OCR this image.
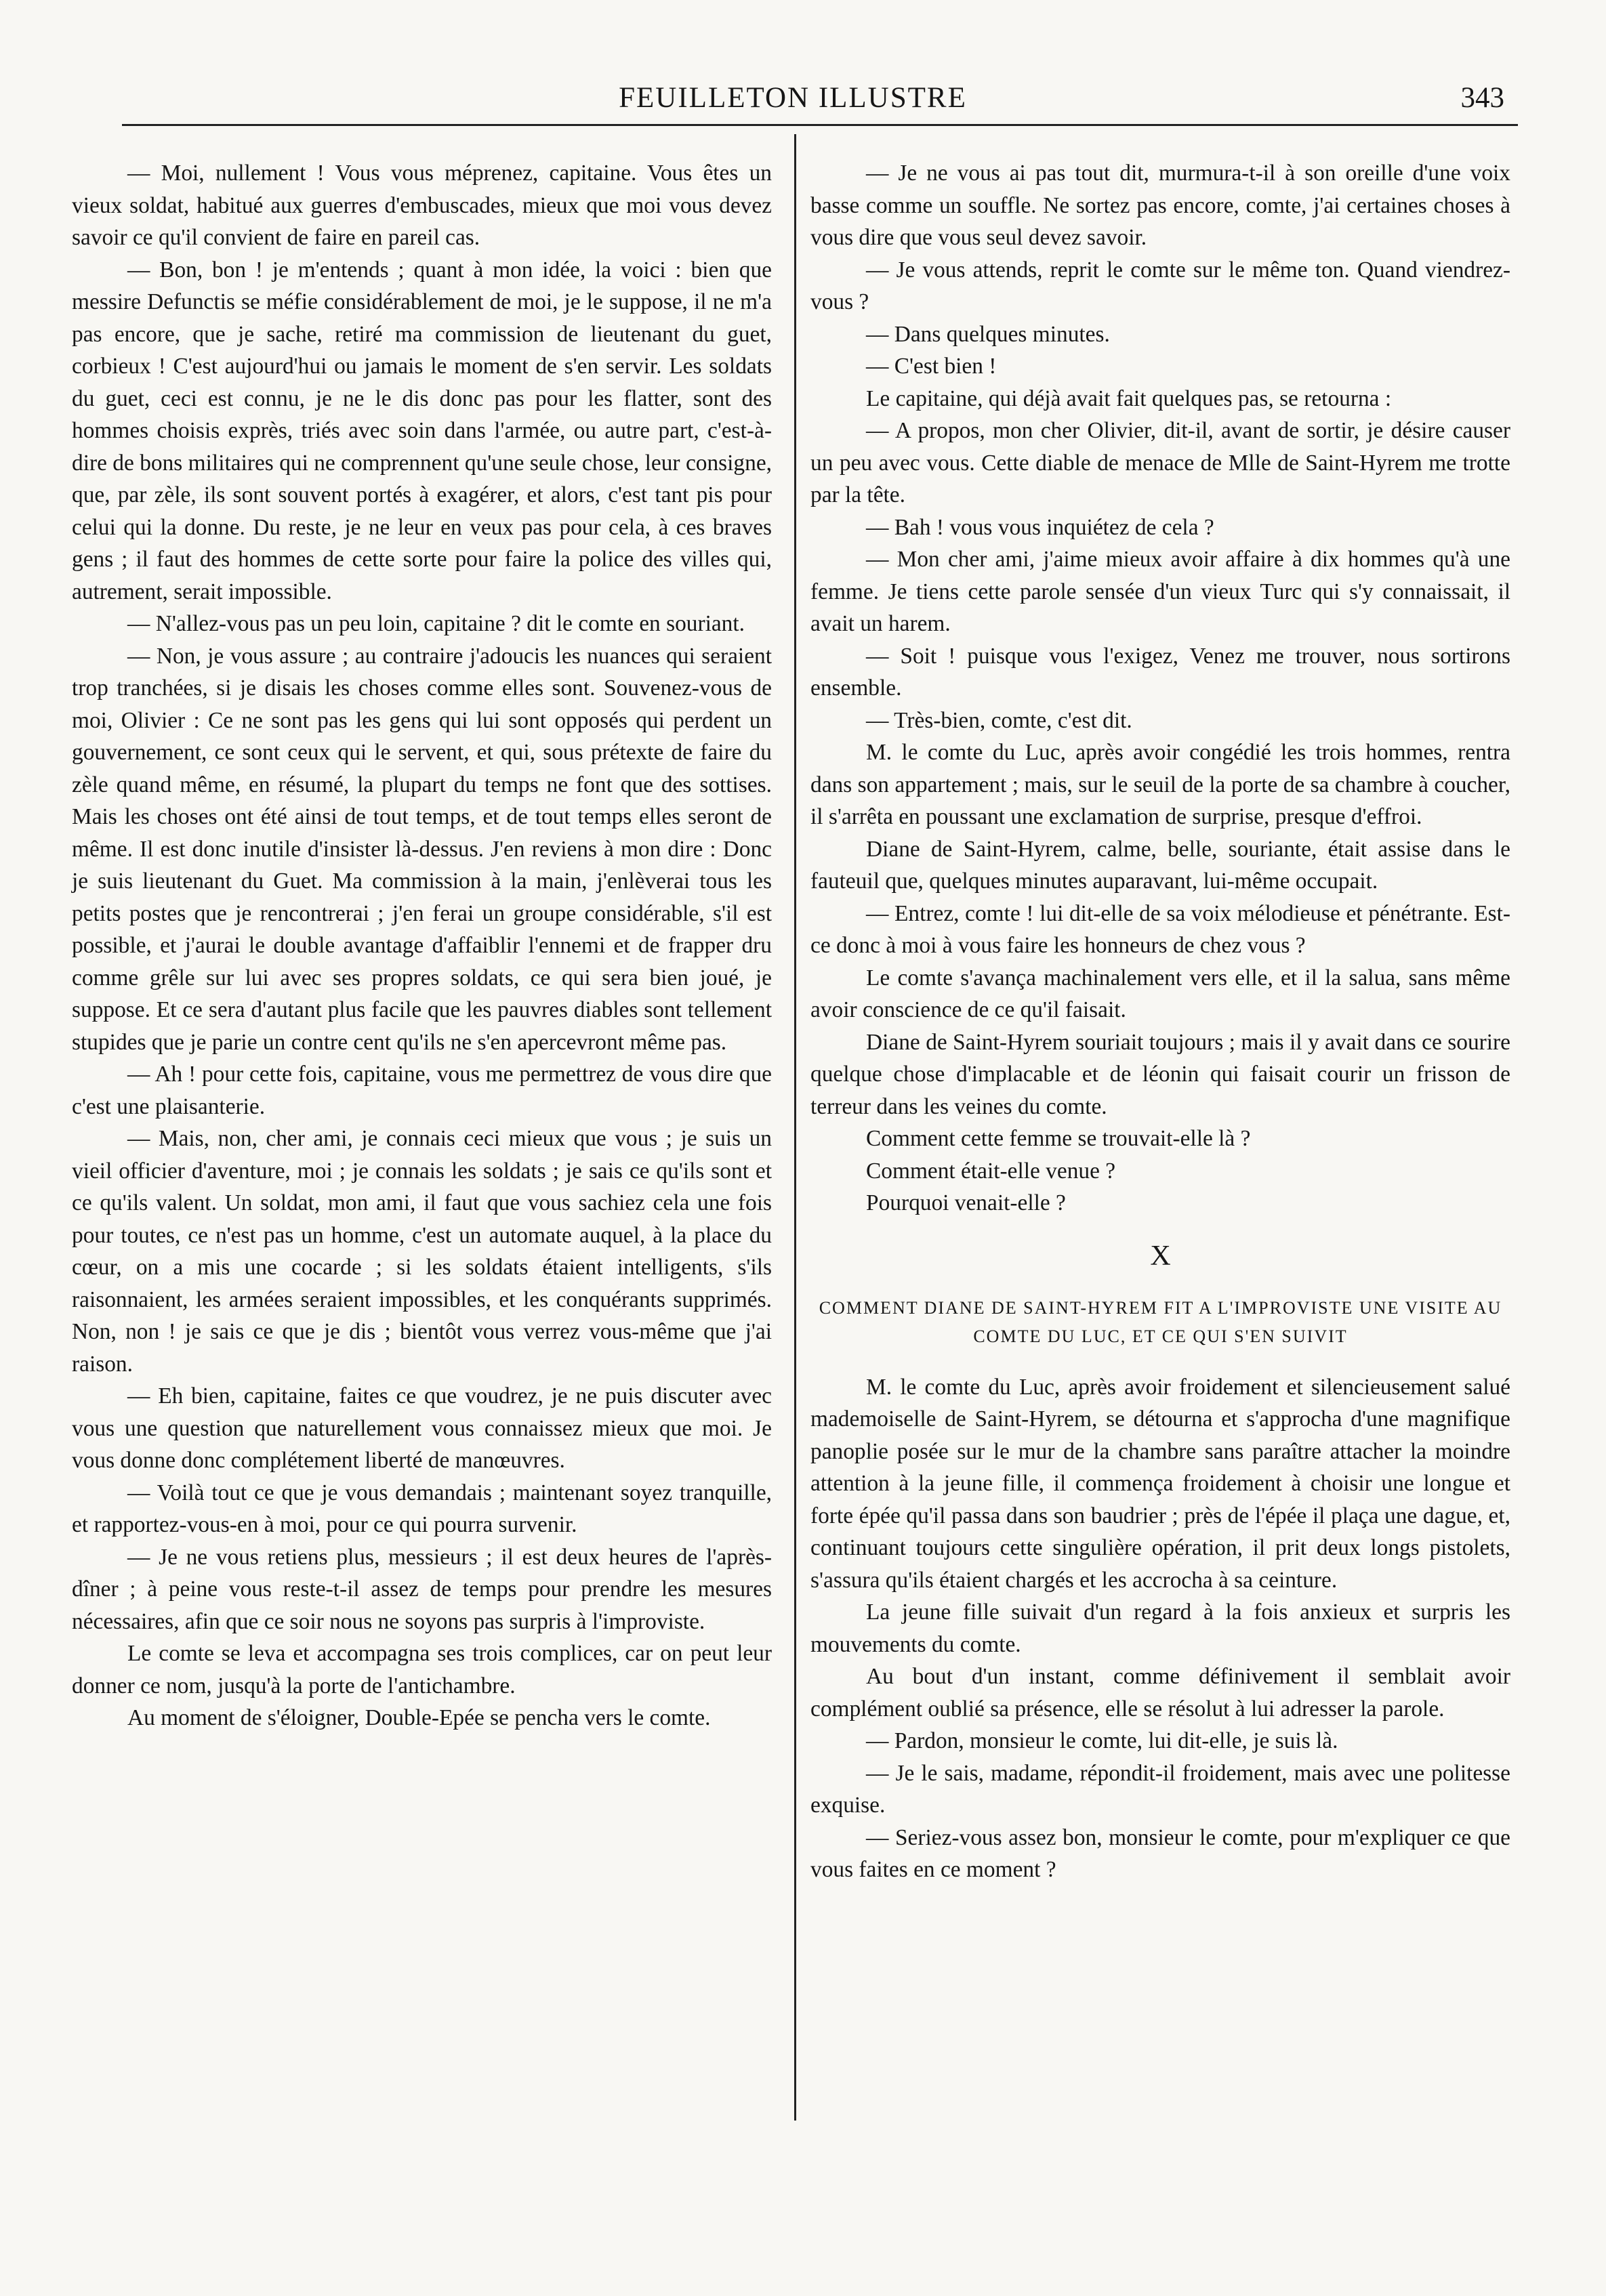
FEUILLETON ILLUSTRE	343

— Moi, nullement ! Vous vous méprenez, capitaine. Vous êtes un vieux soldat, habitué aux guerres d'embuscades, mieux que moi vous devez savoir ce qu'il convient de faire en pareil cas.

— Bon, bon ! je m'entends ; quant à mon idée, la voici : bien que messire Defunctis se méfie considérablement de moi, je le suppose, il ne m'a pas encore, que je sache, retiré ma commission de lieutenant du guet, corbieux ! C'est aujourd'hui ou jamais le moment de s'en servir. Les soldats du guet, ceci est connu, je ne le dis donc pas pour les flatter, sont des hommes choisis exprès, triés avec soin dans l'armée, ou autre part, c'est-à-dire de bons militaires qui ne comprennent qu'une seule chose, leur consigne, que, par zèle, ils sont souvent portés à exagérer, et alors, c'est tant pis pour celui qui la donne. Du reste, je ne leur en veux pas pour cela, à ces braves gens ; il faut des hommes de cette sorte pour faire la police des villes qui, autrement, serait impossible.

— N'allez-vous pas un peu loin, capitaine ? dit le comte en souriant.

— Non, je vous assure ; au contraire j'adoucis les nuances qui seraient trop tranchées, si je disais les choses comme elles sont. Souvenez-vous de moi, Olivier : Ce ne sont pas les gens qui lui sont opposés qui perdent un gouvernement, ce sont ceux qui le servent, et qui, sous prétexte de faire du zèle quand même, en résumé, la plupart du temps ne font que des sottises. Mais les choses ont été ainsi de tout temps, et de tout temps elles seront de même. Il est donc inutile d'insister là-dessus. J'en reviens à mon dire : Donc je suis lieutenant du Guet. Ma commission à la main, j'enlèverai tous les petits postes que je rencontrerai ; j'en ferai un groupe considérable, s'il est possible, et j'aurai le double avantage d'affaiblir l'ennemi et de frapper dru comme grêle sur lui avec ses propres soldats, ce qui sera bien joué, je suppose. Et ce sera d'autant plus facile que les pauvres diables sont tellement stupides que je parie un contre cent qu'ils ne s'en apercevront même pas.

— Ah ! pour cette fois, capitaine, vous me permettrez de vous dire que c'est une plaisanterie.

— Mais, non, cher ami, je connais ceci mieux que vous ; je suis un vieil officier d'aventure, moi ; je connais les soldats ; je sais ce qu'ils sont et ce qu'ils valent. Un soldat, mon ami, il faut que vous sachiez cela une fois pour toutes, ce n'est pas un homme, c'est un automate auquel, à la place du cœur, on a mis une cocarde ; si les soldats étaient intelligents, s'ils raisonnaient, les armées seraient impossibles, et les conquérants supprimés. Non, non ! je sais ce que je dis ; bientôt vous verrez vous-même que j'ai raison.

— Eh bien, capitaine, faites ce que voudrez, je ne puis discuter avec vous une question que naturellement vous connaissez mieux que moi. Je vous donne donc complétement liberté de manœuvres.

— Voilà tout ce que je vous demandais ; maintenant soyez tranquille, et rapportez-vous-en à moi, pour ce qui pourra survenir.

— Je ne vous retiens plus, messieurs ; il est deux heures de l'après-dîner ; à peine vous reste-t-il assez de temps pour prendre les mesures nécessaires, afin que ce soir nous ne soyons pas surpris à l'improviste.

Le comte se leva et accompagna ses trois complices, car on peut leur donner ce nom, jusqu'à la porte de l'antichambre.

Au moment de s'éloigner, Double-Epée se pencha vers le comte.

— Je ne vous ai pas tout dit, murmura-t-il à son oreille d'une voix basse comme un souffle. Ne sortez pas encore, comte, j'ai certaines choses à vous dire que vous seul devez savoir.

— Je vous attends, reprit le comte sur le même ton. Quand viendrez-vous ?

— Dans quelques minutes.

— C'est bien !

Le capitaine, qui déjà avait fait quelques pas, se retourna :

— A propos, mon cher Olivier, dit-il, avant de sortir, je désire causer un peu avec vous. Cette diable de menace de Mlle de Saint-Hyrem me trotte par la tête.

— Bah ! vous vous inquiétez de cela ?

— Mon cher ami, j'aime mieux avoir affaire à dix hommes qu'à une femme. Je tiens cette parole sensée d'un vieux Turc qui s'y connaissait, il avait un harem.

— Soit ! puisque vous l'exigez, Venez me trouver, nous sortirons ensemble.

— Très-bien, comte, c'est dit.

M. le comte du Luc, après avoir congédié les trois hommes, rentra dans son appartement ; mais, sur le seuil de la porte de sa chambre à coucher, il s'arrêta en poussant une exclamation de surprise, presque d'effroi.

Diane de Saint-Hyrem, calme, belle, souriante, était assise dans le fauteuil que, quelques minutes auparavant, lui-même occupait.

— Entrez, comte ! lui dit-elle de sa voix mélodieuse et pénétrante. Est-ce donc à moi à vous faire les honneurs de chez vous ?

Le comte s'avança machinalement vers elle, et il la salua, sans même avoir conscience de ce qu'il faisait.

Diane de Saint-Hyrem souriait toujours ; mais il y avait dans ce sourire quelque chose d'implacable et de léonin qui faisait courir un frisson de terreur dans les veines du comte.

Comment cette femme se trouvait-elle là ?

Comment était-elle venue ?

Pourquoi venait-elle ?

X
COMMENT DIANE DE SAINT-HYREM FIT A L'IMPROVISTE UNE VISITE AU COMTE DU LUC, ET CE QUI S'EN SUIVIT

M. le comte du Luc, après avoir froidement et silencieusement salué mademoiselle de Saint-Hyrem, se détourna et s'approcha d'une magnifique panoplie posée sur le mur de la chambre sans paraître attacher la moindre attention à la jeune fille, il commença froidement à choisir une longue et forte épée qu'il passa dans son baudrier ; près de l'épée il plaça une dague, et, continuant toujours cette singulière opération, il prit deux longs pistolets, s'assura qu'ils étaient chargés et les accrocha à sa ceinture.

La jeune fille suivait d'un regard à la fois anxieux et surpris les mouvements du comte.

Au bout d'un instant, comme définivement il semblait avoir complément oublié sa présence, elle se résolut à lui adresser la parole.

— Pardon, monsieur le comte, lui dit-elle, je suis là.

— Je le sais, madame, répondit-il froidement, mais avec une politesse exquise.

— Seriez-vous assez bon, monsieur le comte, pour m'expliquer ce que vous faites en ce moment ?
